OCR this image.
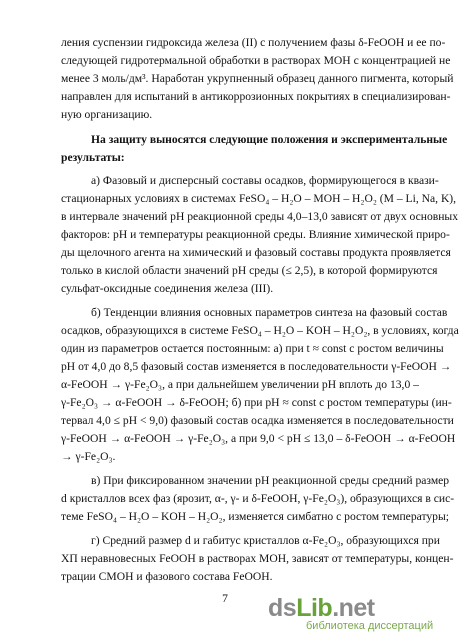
ления суспензии гидроксида железа (II) с получением фазы δ-FeOOH и ее по-
следующей гидротермальной обработки в растворах МОН с концентрацией не
менее 3 моль/дм³. Наработан укрупненный образец данного пигмента, который
направлен для испытаний в антикоррозионных покрытиях в специализирован-
ную организацию.
На защиту выносятся следующие положения и экспериментальные
результаты:
а) Фазовый и дисперсный составы осадков, формирующегося в квази-
стационарных условиях в системах FeSO₄ – H₂O – MOH – H₂O₂ (M – Li, Na, K),
в интервале значений pH реакционной среды 4,0–13,0 зависят от двух основных
факторов: pH и температуры реакционной среды. Влияние химической приро-
ды щелочного агента на химический и фазовый составы продукта проявляется
только в кислой области значений pH среды (≤ 2,5), в которой формируются
сульфат-оксидные соединения железа (III).
б) Тенденции влияния основных параметров синтеза на фазовый состав
осадков, образующихся в системе FeSO₄ – H₂O – KOH – H₂O₂, в условиях, когда
один из параметров остается постоянным: а) при t ≈ const с ростом величины
pH от 4,0 до 8,5 фазовый состав изменяется в последовательности γ-FeOOH →
α-FeOOH → γ-Fe₂O₃, а при дальнейшем увеличении pH вплоть до 13,0 –
γ-Fe₂O₃ → α-FeOOH → δ-FeOOH; б) при pH ≈ const с ростом температуры (ин-
тервал 4,0 ≤ pH < 9,0) фазовый состав осадка изменяется в последовательности
γ-FeOOH → α-FeOOH → γ-Fe₂O₃, а при 9,0 < pH ≤ 13,0 – δ-FeOOH → α-FeOOH
→ γ-Fe₂O₃.
в) При фиксированном значении pH реакционной среды средний размер
d кристаллов всех фаз (ярозит, α-, γ- и δ-FeOOH, γ-Fe₂O₃), образующихся в сис-
теме FeSO₄ – H₂O – KOH – H₂O₂, изменяется симбатно с ростом температуры;
г) Средний размер d и габитус кристаллов α-Fe₂O₃, образующихся при
ХП неравновесных FeOOH в растворах МОН, зависят от температуры, концен-
трации CMOH и фазового состава FeOOH.
7	dsLib.net
библиотека диссертаций
